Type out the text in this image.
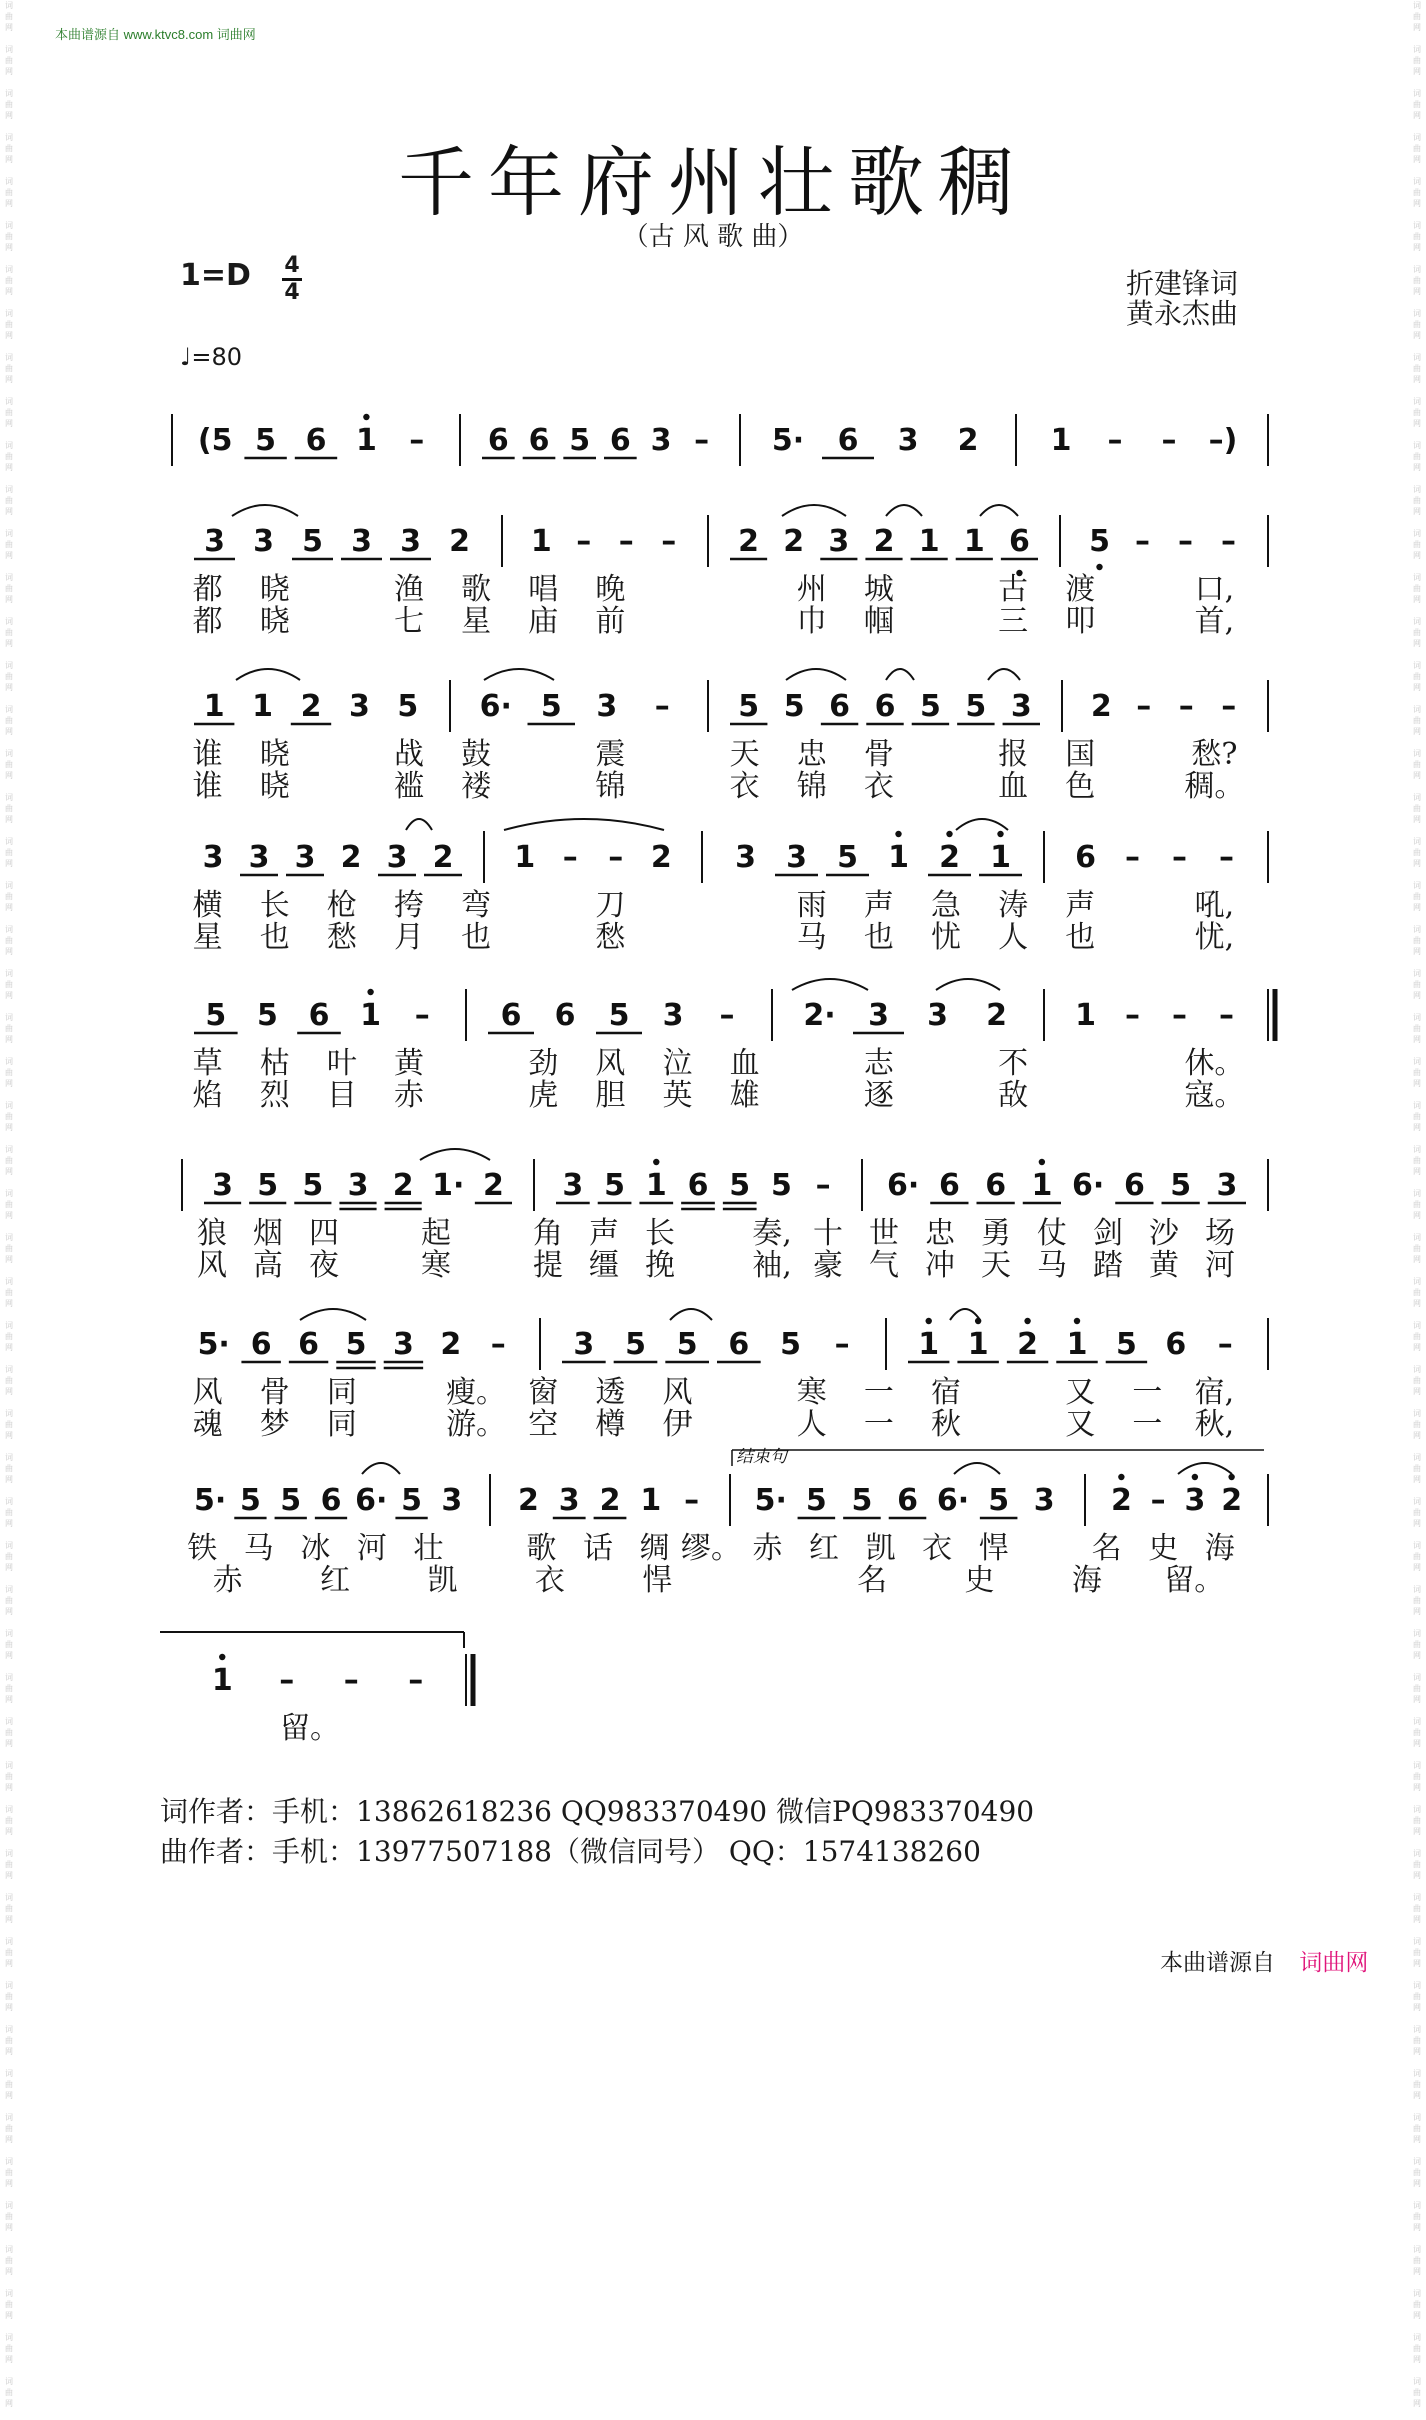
词
曲
网

词
曲
网

词
曲
网

词
曲
网

词
曲
网

词
曲
网

词
曲
网

词
曲
网

词
曲
网

词
曲
网

词
曲
网

词
曲
网

词
曲
网

词
曲
网

词
曲
网

词
曲
网

词
曲
网

词
曲
网

词
曲
网

词
曲
网

词
曲
网

词
曲
网

词
曲
网

词
曲
网

词
曲
网

词
曲
网

词
曲
网

词
曲
网

词
曲
网

词
曲
网

词
曲
网

词
曲
网

词
曲
网

词
曲
网

词
曲
网

词
曲
网

词
曲
网

词
曲
网

词
曲
网

词
曲
网

词
曲
网

词
曲
网

词
曲
网

词
曲
网

词
曲
网

词
曲
网

词
曲
网

词
曲
网

词
曲
网

词
曲
网

词
曲
网

词
曲
网

词
曲
网

词
曲
网

词
曲
网

词
曲
网

词
曲
网

词
曲
网

词
曲
网

词
曲
网

词
曲
网

词
曲
网

词
曲
网

词
曲
网

词
曲
网

词
曲
网

词
曲
网

词
曲
网

词
曲
网

词
曲
网

词
曲
网

词
曲
网

词
曲
网

词
曲
网

词
曲
网

词
曲
网

词
曲
网

词
曲
网

词
曲
网

词
曲
网

词
曲
网

词
曲
网

词
曲
网

词
曲
网

词
曲
网

词
曲
网

词
曲
网

词
曲
网

词
曲
网

词
曲
网

词
曲
网

词
曲
网

词
曲
网

词
曲
网

词
曲
网

词
曲
网

词
曲
网

词
曲
网

词
曲
网

词
曲
网

词
曲
网

词
曲
网

词
曲
网

词
曲
网

词
曲
网

词
曲
网

词
曲
网

词
曲
网

词
曲
网

词
曲
网

本曲谱源自 www.ktvc8.com 词曲网
千年府州壮歌稠
（古 风 歌 曲）
1=D 4
4
♩=80
折建锋词
黄永杰曲
(5 5 6 1 – 6 6 5 6 3 – 5· 6 3 2 1 – – –)
3 3 5 3 3 2 1 – – – 2 2 3 2 1 1 6 5 – – –
都 晓	渔 歌 唱 晚	州 城	古 渡	口,
都 晓	七 星 庙 前	巾 帼	三 叩	首,
1 1 2 3 5 6· 5 3 – 5 5 6 6 5 5 3 2 – – –
谁 晓	战 鼓	震	天 忠 骨	报 国	愁?
谁 晓	褴 褛	锦	衣 锦 衣	血 色	稠。
3 3 3 2 3 2 1 – – 2 3 3 5 1 2 1 6 – – –
横 长 枪 挎 弯	刀	雨 声 急 涛 声	吼,
星 也 愁 月 也	愁	马 也 忧 人 也	忧,
5 5 6 1 – 6 6 5 3 – 2· 3 3 2 1 – – –
草 枯 叶 黄	劲 风 泣 血	志	不	休。
焰 烈 目 赤	虎 胆 英 雄	逐	敌	寇。
3 5 5 3 2 1· 2 3 5 1 6 5 5 – 6· 6 6 1 6· 6 5 3
狼 烟 四	起	角 声 长	奏, 十 世 忠 勇 仗 剑 沙 场
风 高 夜	寒	提 缰 挽	袖, 豪 气 冲 天 马 踏 黄 河
5· 6 6 5 3 2 – 3 5 5 6 5 – 1 1 2 1 5 6 –
风 骨 同	瘦。 窗 透 风	寒 一 宿	又 一 宿,
魂 梦 同	游。 空 樽 伊	人 一 秋	又 一 秋,
结束句
5· 5 5 6 6· 5 3 2 3 2 1 – 5· 5 5 6 6· 5 3 2 – 3 2
铁 马 冰 河 壮	歌 话 绸 缪。 赤 红 凯 衣 悍	名 史 海
赤	红	凯	衣	悍	名	史	海 留。
1 – – –
留。
词作者：手机：13862618236 QQ983370490 微信PQ983370490
曲作者：手机：13977507188（微信同号） QQ：1574138260
本曲谱源自 词曲网
